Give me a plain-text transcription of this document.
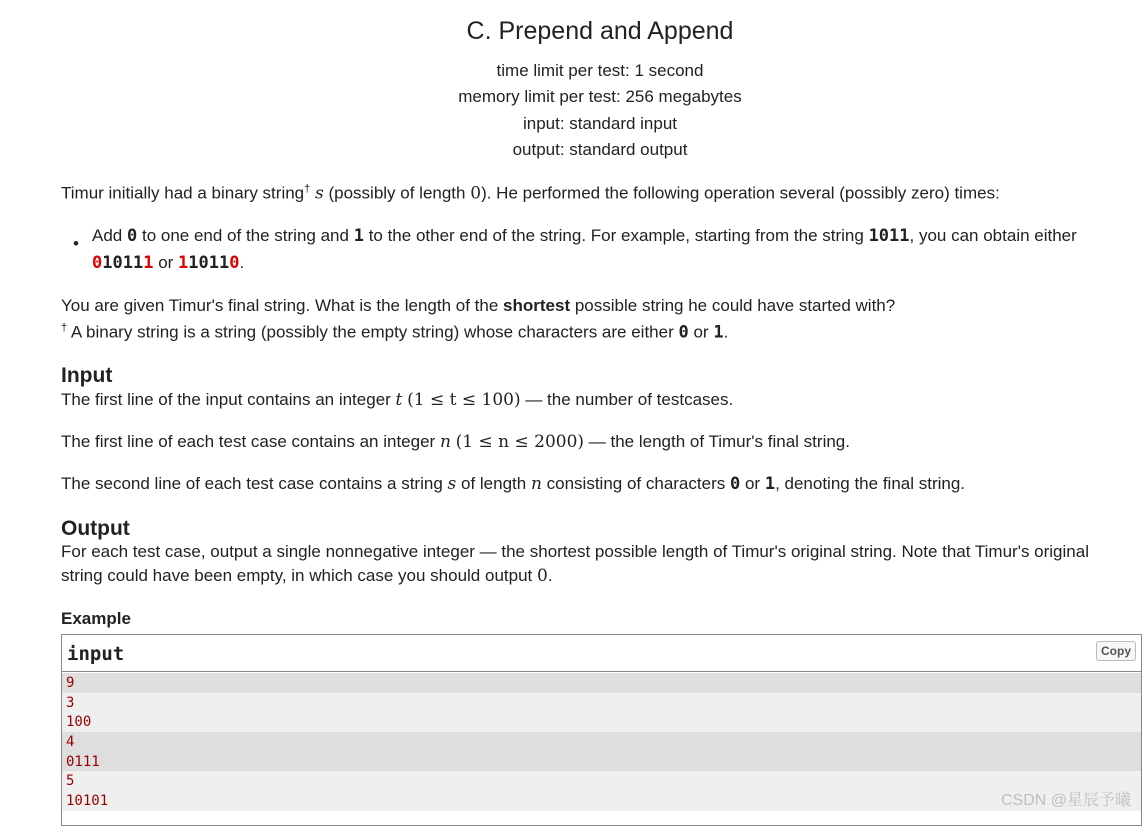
C. Prepend and Append
time limit per test: 1 second
memory limit per test: 256 megabytes
input: standard input
output: standard output
Timur initially had a binary string† s (possibly of length 0). He performed the following operation several (possibly zero) times:
• Add 0 to one end of the string and 1 to the other end of the string. For example, starting from the string 1011, you can obtain either
010111 or 110110.
You are given Timur's final string. What is the length of the shortest possible string he could have started with?
† A binary string is a string (possibly the empty string) whose characters are either 0 or 1.
Input
The first line of the input contains an integer t (1 ≤ t ≤ 100) — the number of testcases.
The first line of each test case contains an integer n (1 ≤ n ≤ 2000) — the length of Timur's final string.
The second line of each test case contains a string s of length n consisting of characters 0 or 1, denoting the final string.
Output
For each test case, output a single nonnegative integer — the shortest possible length of Timur's original string. Note that Timur's original
string could have been empty, in which case you should output 0.
Example
input	Copy
9
3
100
4
0111
5
10101	CSDN @星辰予曦
